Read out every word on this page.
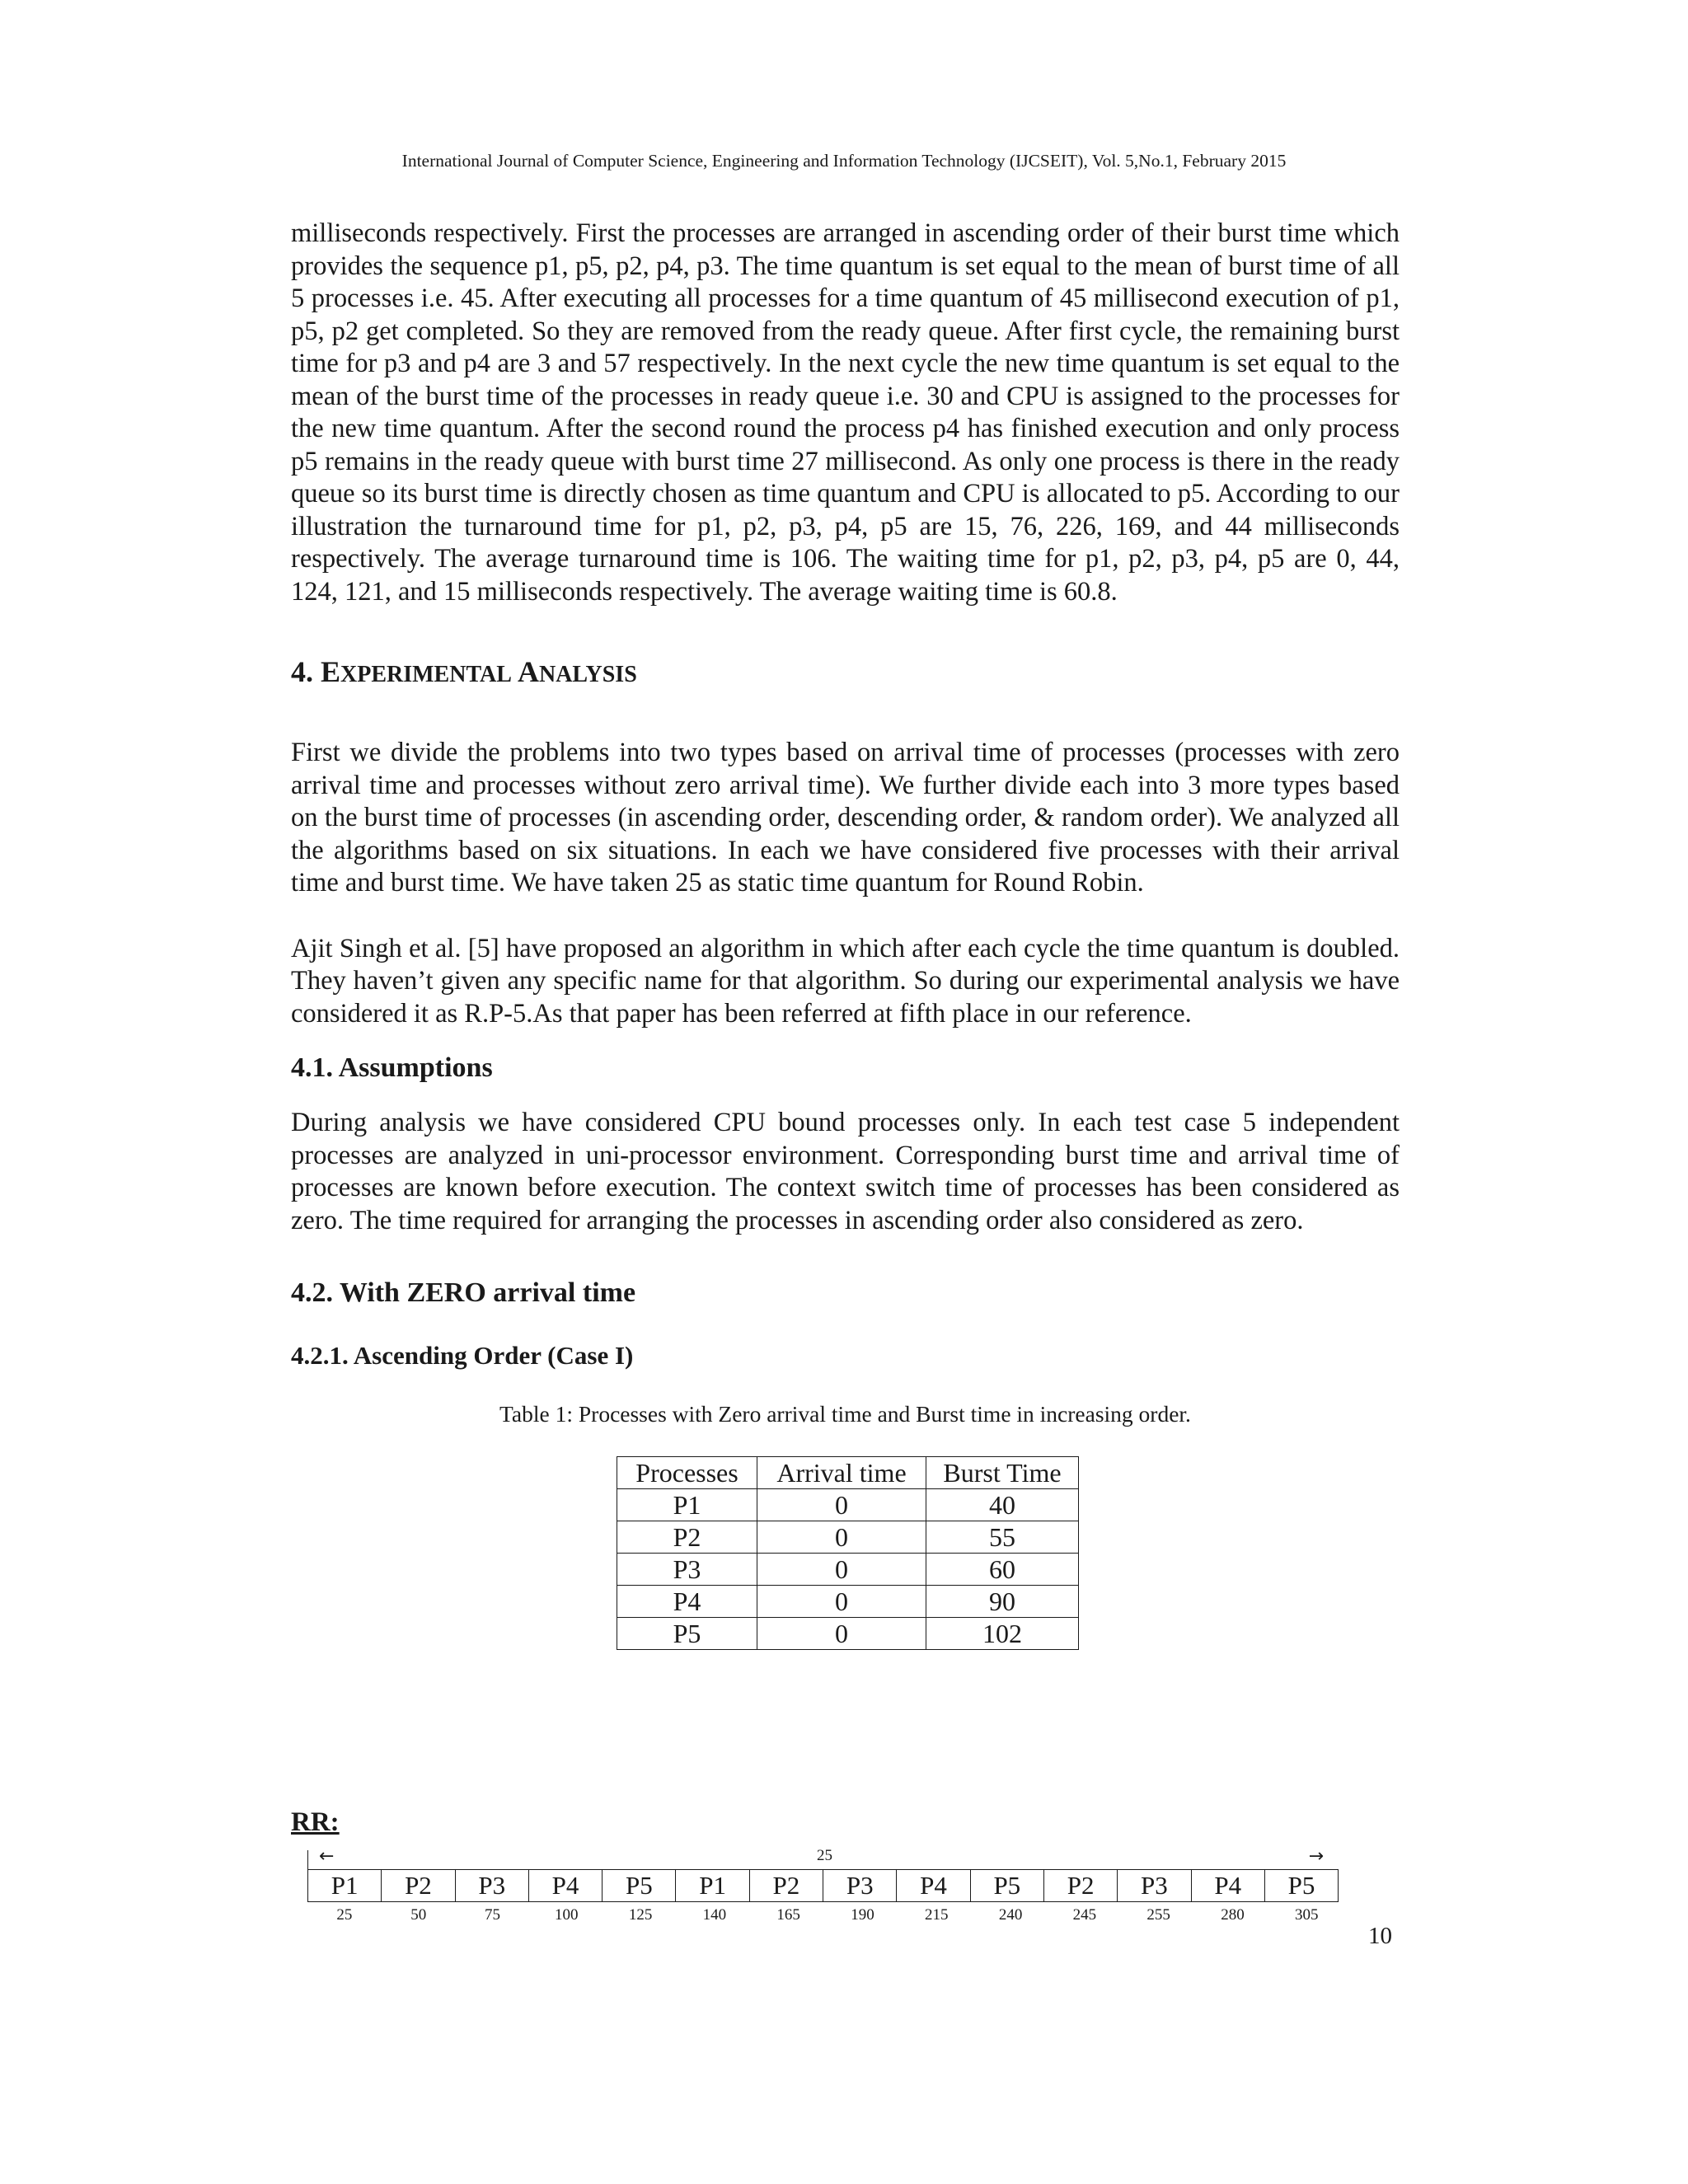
International Journal of Computer Science, Engineering and Information Technology (IJCSEIT), Vol. 5,No.1, February 2015

milliseconds respectively. First the processes are arranged in ascending order of their burst time which provides the sequence p1, p5, p2, p4, p3. The time quantum is set equal to the mean of burst time of all 5 processes i.e. 45. After executing all processes for a time quantum of 45 millisecond execution of p1, p5, p2 get completed. So they are removed from the ready queue. After first cycle, the remaining burst time for p3 and p4 are 3 and 57 respectively. In the next cycle the new time quantum is set equal to the mean of the burst time of the processes in ready queue i.e. 30 and CPU is assigned to the processes for the new time quantum. After the second round the process p4 has finished execution and only process p5 remains in the ready queue with burst time 27 millisecond. As only one process is there in the ready queue so its burst time is directly chosen as time quantum and CPU is allocated to p5. According to our illustration the turnaround time for p1, p2, p3, p4, p5 are 15, 76, 226, 169, and 44 milliseconds respectively. The average turnaround time is 106. The waiting time for p1, p2, p3, p4, p5 are 0, 44, 124, 121, and 15 milliseconds respectively. The average waiting time is 60.8.

4. EXPERIMENTAL ANALYSIS

First we divide the problems into two types based on arrival time of processes (processes with zero arrival time and processes without zero arrival time). We further divide each into 3 more types based on the burst time of processes (in ascending order, descending order, & random order). We analyzed all the algorithms based on six situations. In each we have considered five processes with their arrival time and burst time. We have taken 25 as static time quantum for Round Robin.

Ajit Singh et al. [5] have proposed an algorithm in which after each cycle the time quantum is doubled. They haven’t given any specific name for that algorithm. So during our experimental analysis we have considered it as R.P-5.As that paper has been referred at fifth place in our reference.

4.1. Assumptions

During analysis we have considered CPU bound processes only. In each test case 5 independent processes are analyzed in uni-processor environment. Corresponding burst time and arrival time of processes are known before execution. The context switch time of processes has been considered as zero. The time required for arranging the processes in ascending order also considered as zero.

4.2. With ZERO arrival time
4.2.1. Ascending Order (Case I)

Table 1: Processes with Zero arrival time and Burst time in increasing order.

Processes	Arrival time	Burst Time
P1	0	40
P2	0	55
P3	0	60
P4	0	90
P5	0	102
RR:
←	25	→
P1	P2	P3	P4	P5	P1	P2	P3	P4	P5	P2	P3	P4	P5
25	50	75	100	125	140	165	190	215	240	245	255	280	305
10
